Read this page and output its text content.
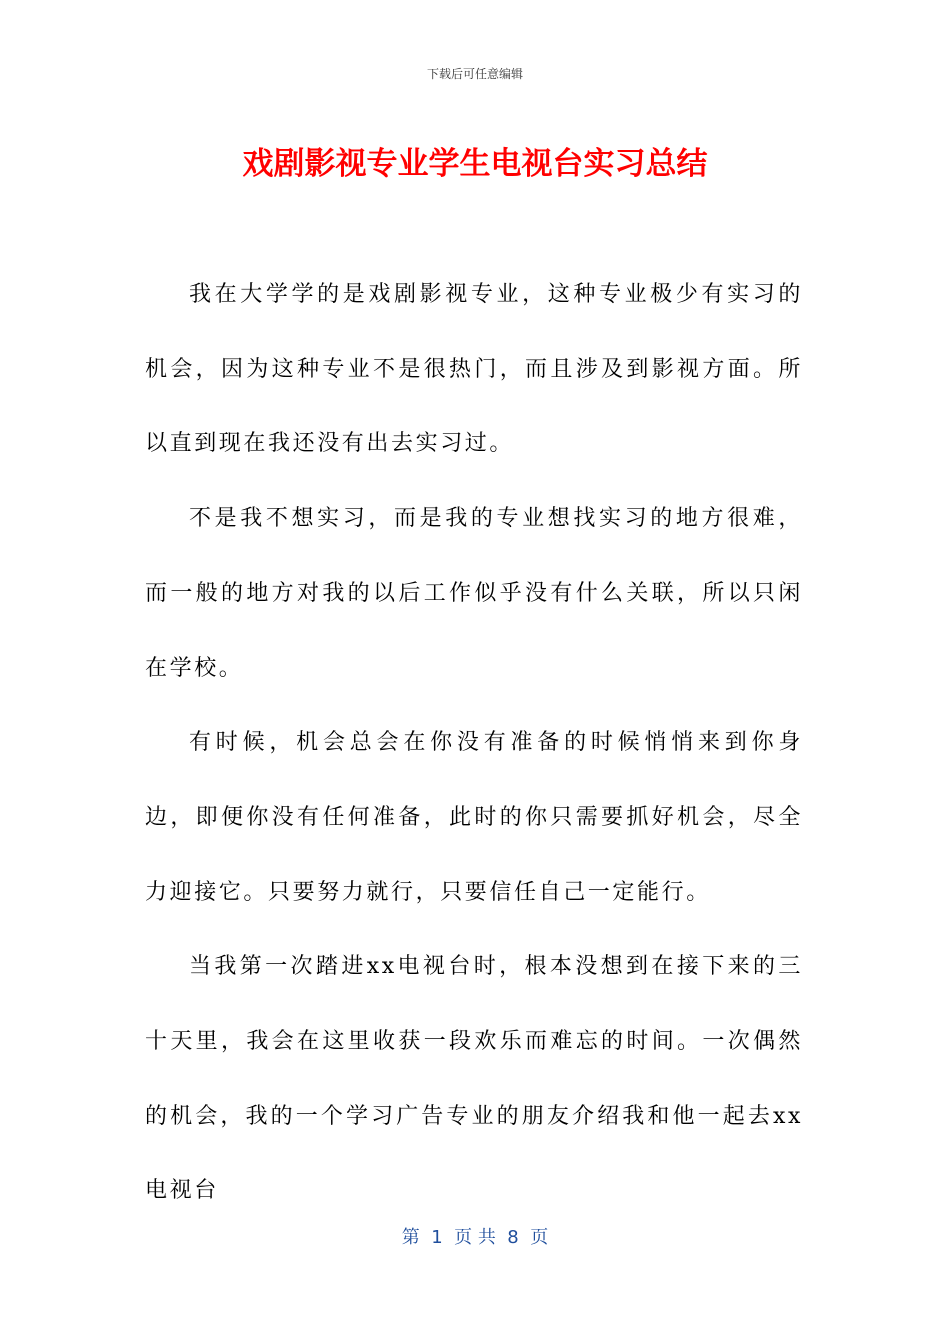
下载后可任意编辑
戏剧影视专业学生电视台实习总结

我在大学学的是戏剧影视专业，这种专业极少有实习的机会，因为这种专业不是很热门，而且涉及到影视方面。所以直到现在我还没有出去实习过。

不是我不想实习，而是我的专业想找实习的地方很难，而一般的地方对我的以后工作似乎没有什么关联，所以只闲在学校。

有时候，机会总会在你没有准备的时候悄悄来到你身边，即便你没有任何准备，此时的你只需要抓好机会，尽全力迎接它。只要努力就行，只要信任自己一定能行。

当我第一次踏进xx电视台时，根本没想到在接下来的三十天里，我会在这里收获一段欢乐而难忘的时间。一次偶然的机会，我的一个学习广告专业的朋友介绍我和他一起去xx电视台

第  1  页 共  8  页
